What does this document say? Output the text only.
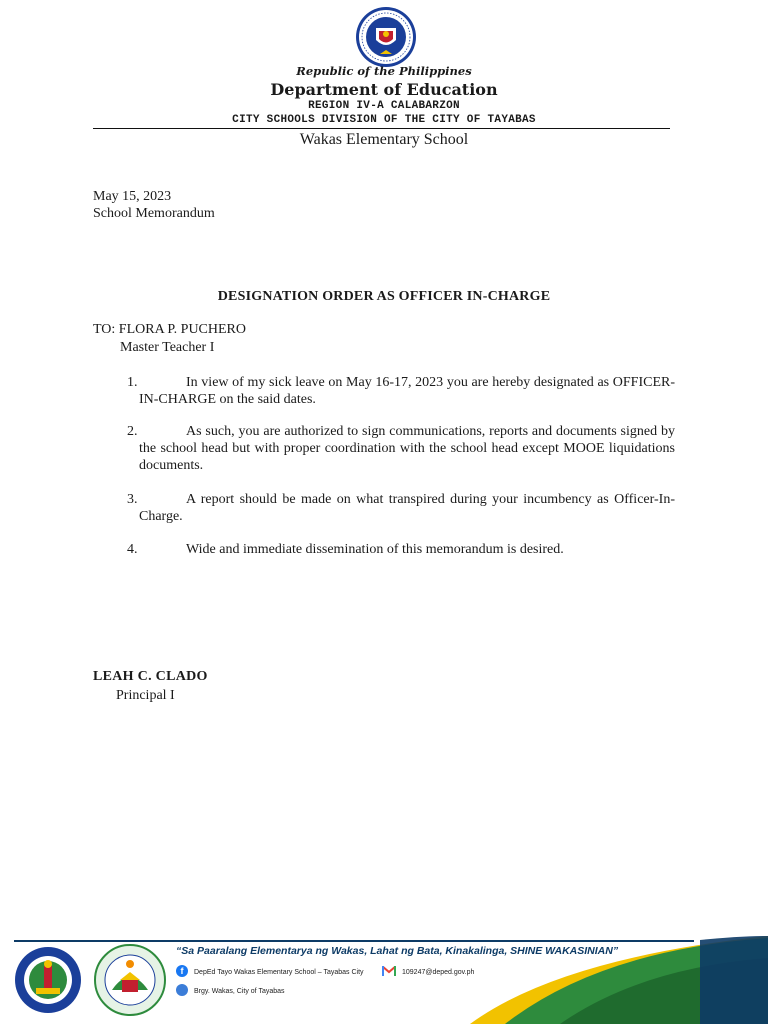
Republic of the Philippines
Department of Education
REGION IV-A CALABARZON
CITY SCHOOLS DIVISION OF THE CITY OF TAYABAS
Wakas Elementary School
May 15, 2023
School Memorandum
DESIGNATION ORDER AS OFFICER IN-CHARGE
TO: FLORA P. PUCHERO
Master Teacher I
1.	In view of my sick leave on May 16-17, 2023 you are hereby designated as OFFICER-IN-CHARGE on the said dates.
2.	As such, you are authorized to sign communications, reports and documents signed by the school head but with proper coordination with the school head except MOOE liquidations documents.
3.	A report should be made on what transpired during your incumbency as Officer-In-Charge.
4.	Wide and immediate dissemination of this memorandum is desired.
LEAH C. CLADO
Principal I
“Sa Paaralang Elementarya ng Wakas, Lahat ng Bata, Kinakalinga, SHINE WAKASINIAN”
f	DepEd Tayo Wakas Elementary School – Tayabas City	109247@deped.gov.ph
Brgy. Wakas, City of Tayabas
